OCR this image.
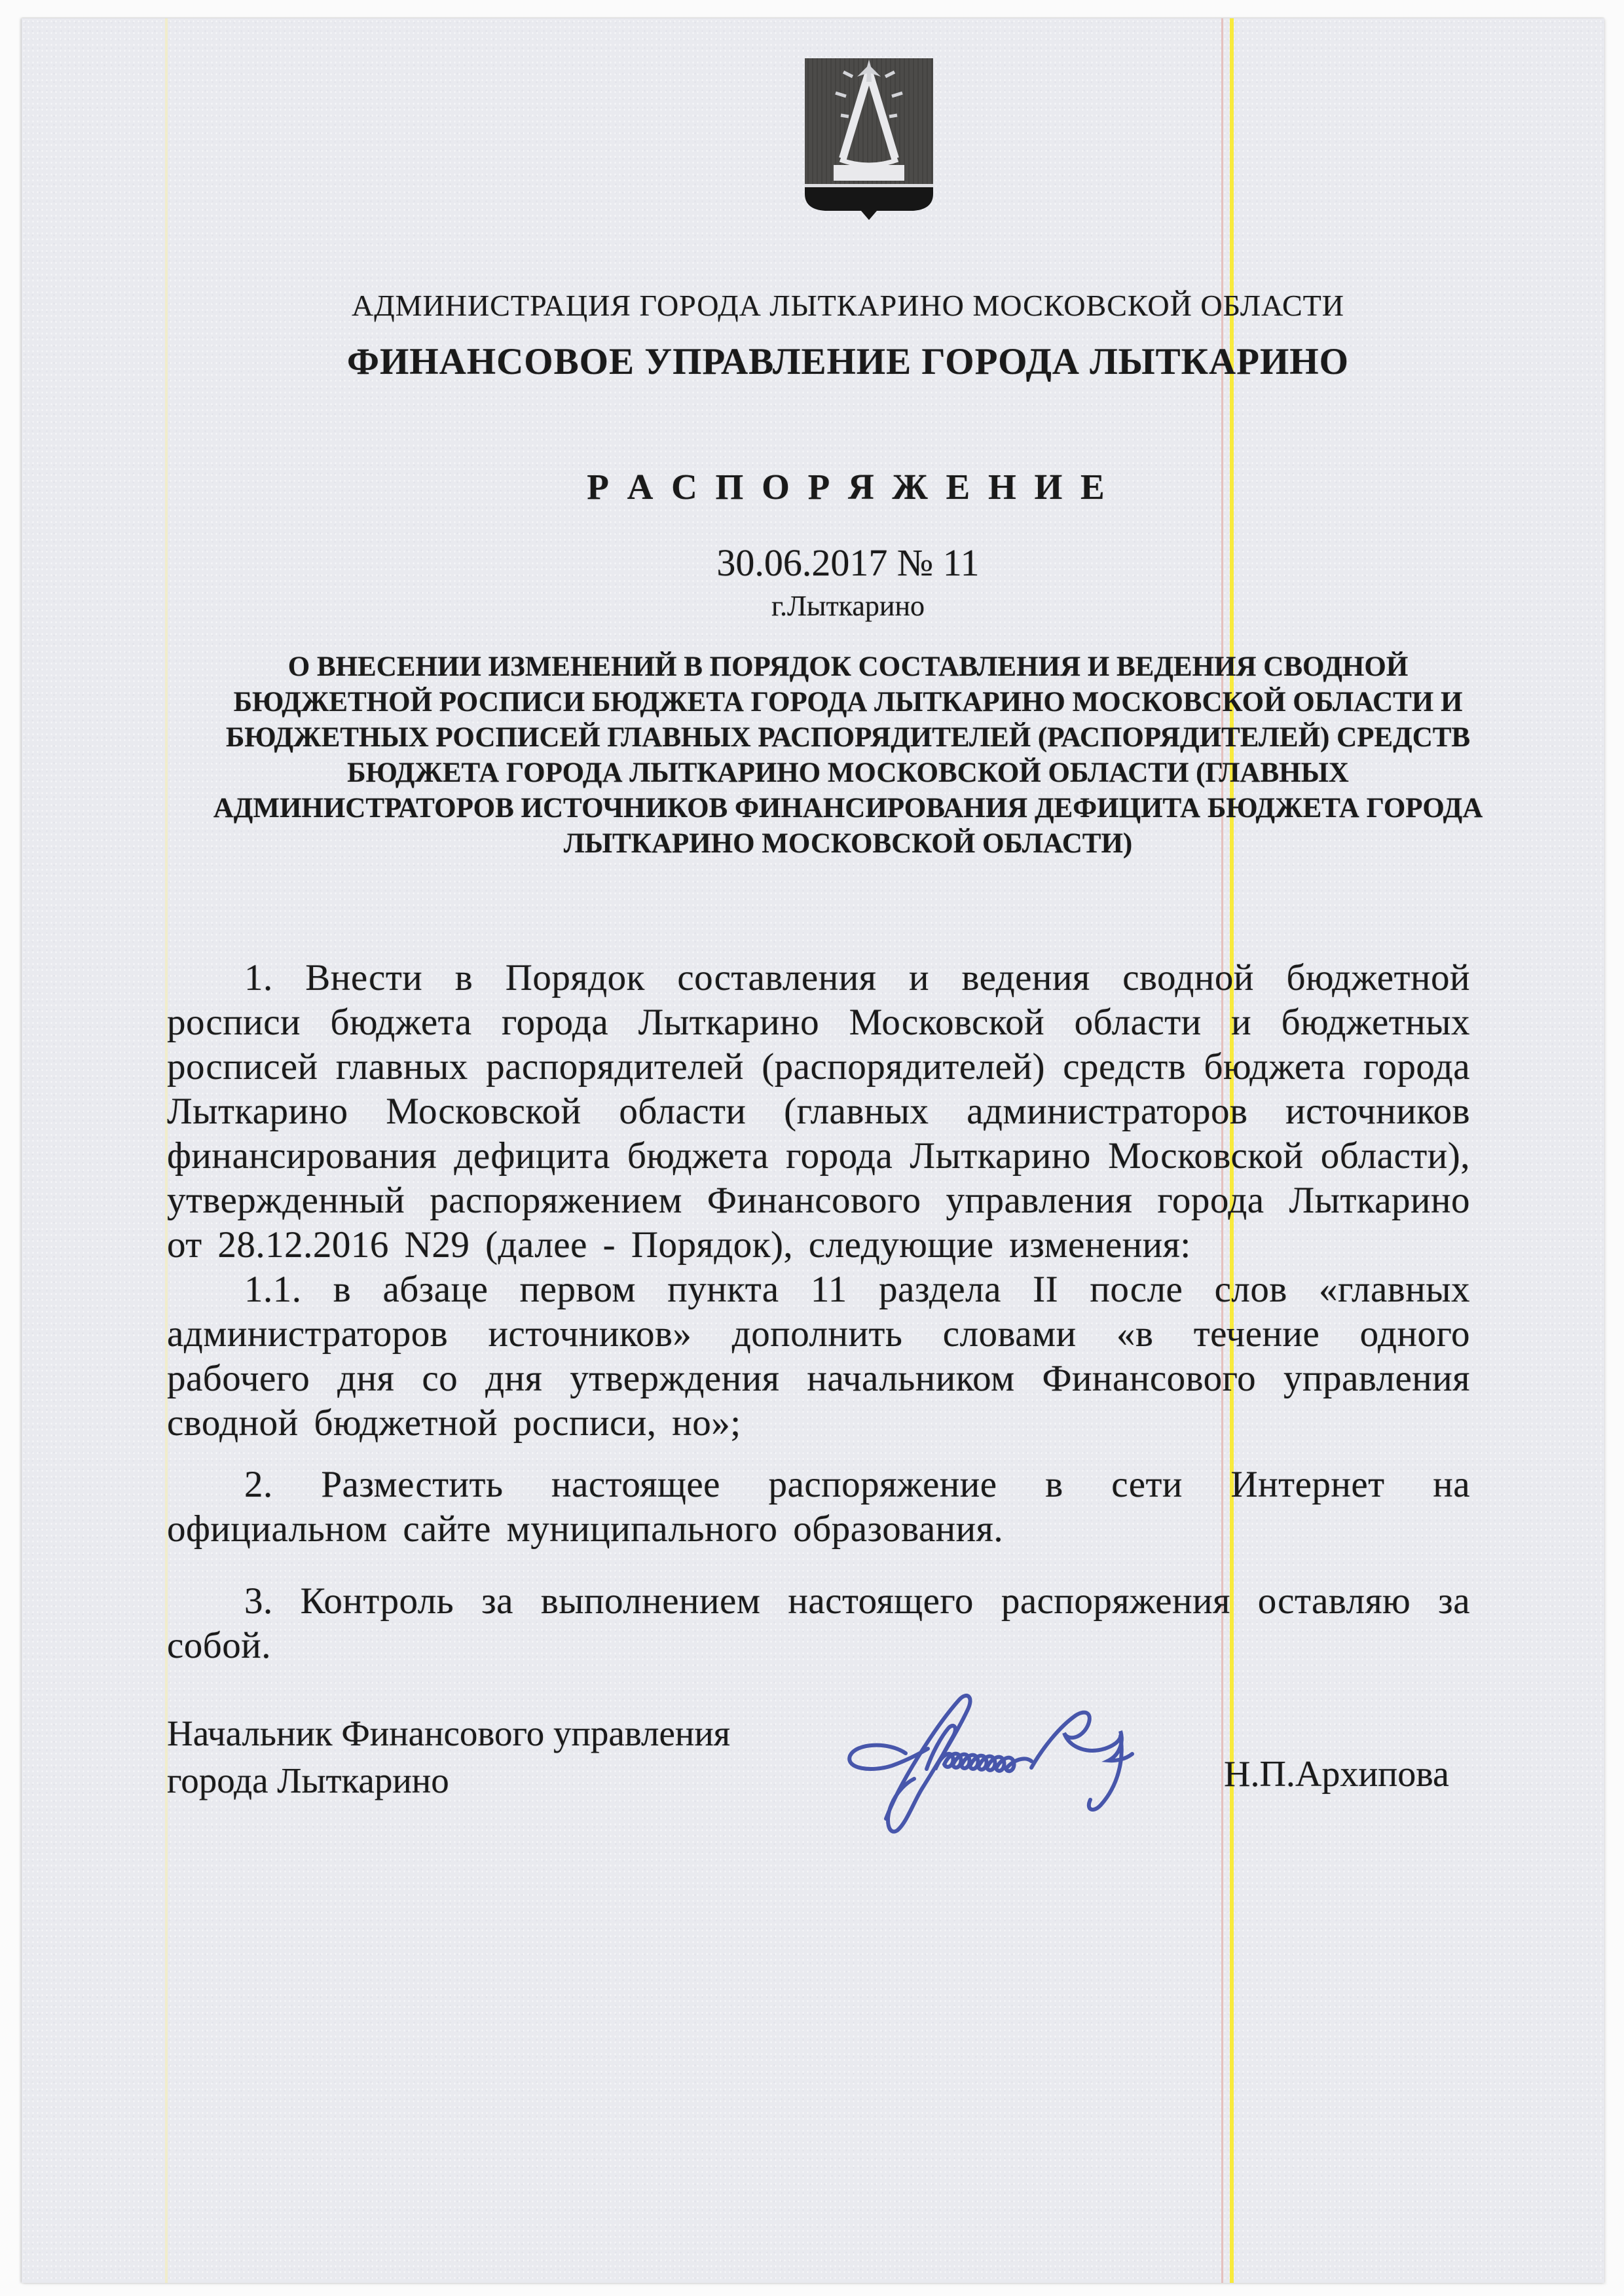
АДМИНИСТРАЦИЯ ГОРОДА ЛЫТКАРИНО МОСКОВСКОЙ ОБЛАСТИ
ФИНАНСОВОЕ УПРАВЛЕНИЕ ГОРОДА ЛЫТКАРИНО
Р А С П О Р Я Ж Е Н И Е
30.06.2017 № 11
г.Лыткарино
О ВНЕСЕНИИ ИЗМЕНЕНИЙ В ПОРЯДОК СОСТАВЛЕНИЯ И ВЕДЕНИЯ СВОДНОЙ
БЮДЖЕТНОЙ РОСПИСИ БЮДЖЕТА ГОРОДА ЛЫТКАРИНО МОСКОВСКОЙ ОБЛАСТИ И
БЮДЖЕТНЫХ РОСПИСЕЙ ГЛАВНЫХ РАСПОРЯДИТЕЛЕЙ (РАСПОРЯДИТЕЛЕЙ) СРЕДСТВ
БЮДЖЕТА ГОРОДА ЛЫТКАРИНО МОСКОВСКОЙ ОБЛАСТИ (ГЛАВНЫХ
АДМИНИСТРАТОРОВ ИСТОЧНИКОВ ФИНАНСИРОВАНИЯ ДЕФИЦИТА БЮДЖЕТА ГОРОДА
ЛЫТКАРИНО МОСКОВСКОЙ ОБЛАСТИ)

1. Внести в Порядок составления и ведения сводной бюджетной росписи бюджета города Лыткарино Московской области и бюджетных росписей главных распорядителей (распорядителей) средств бюджета города Лыткарино Московской области (главных администраторов источников финансирования дефицита бюджета города Лыткарино Московской области), утвержденный распоряжением Финансового управления города Лыткарино от 28.12.2016 N29 (далее - Порядок), следующие изменения:

1.1. в абзаце первом пункта 11 раздела II после слов «главных администраторов источников» дополнить словами «в течение одного рабочего дня со дня утверждения начальником Финансового управления сводной бюджетной росписи, но»;

2. Разместить настоящее распоряжение в сети Интернет на официальном сайте муниципального образования.

3. Контроль за выполнением настоящего распоряжения оставляю за собой.

Начальник Финансового управления
города Лыткарино	Н.П.Архипова
